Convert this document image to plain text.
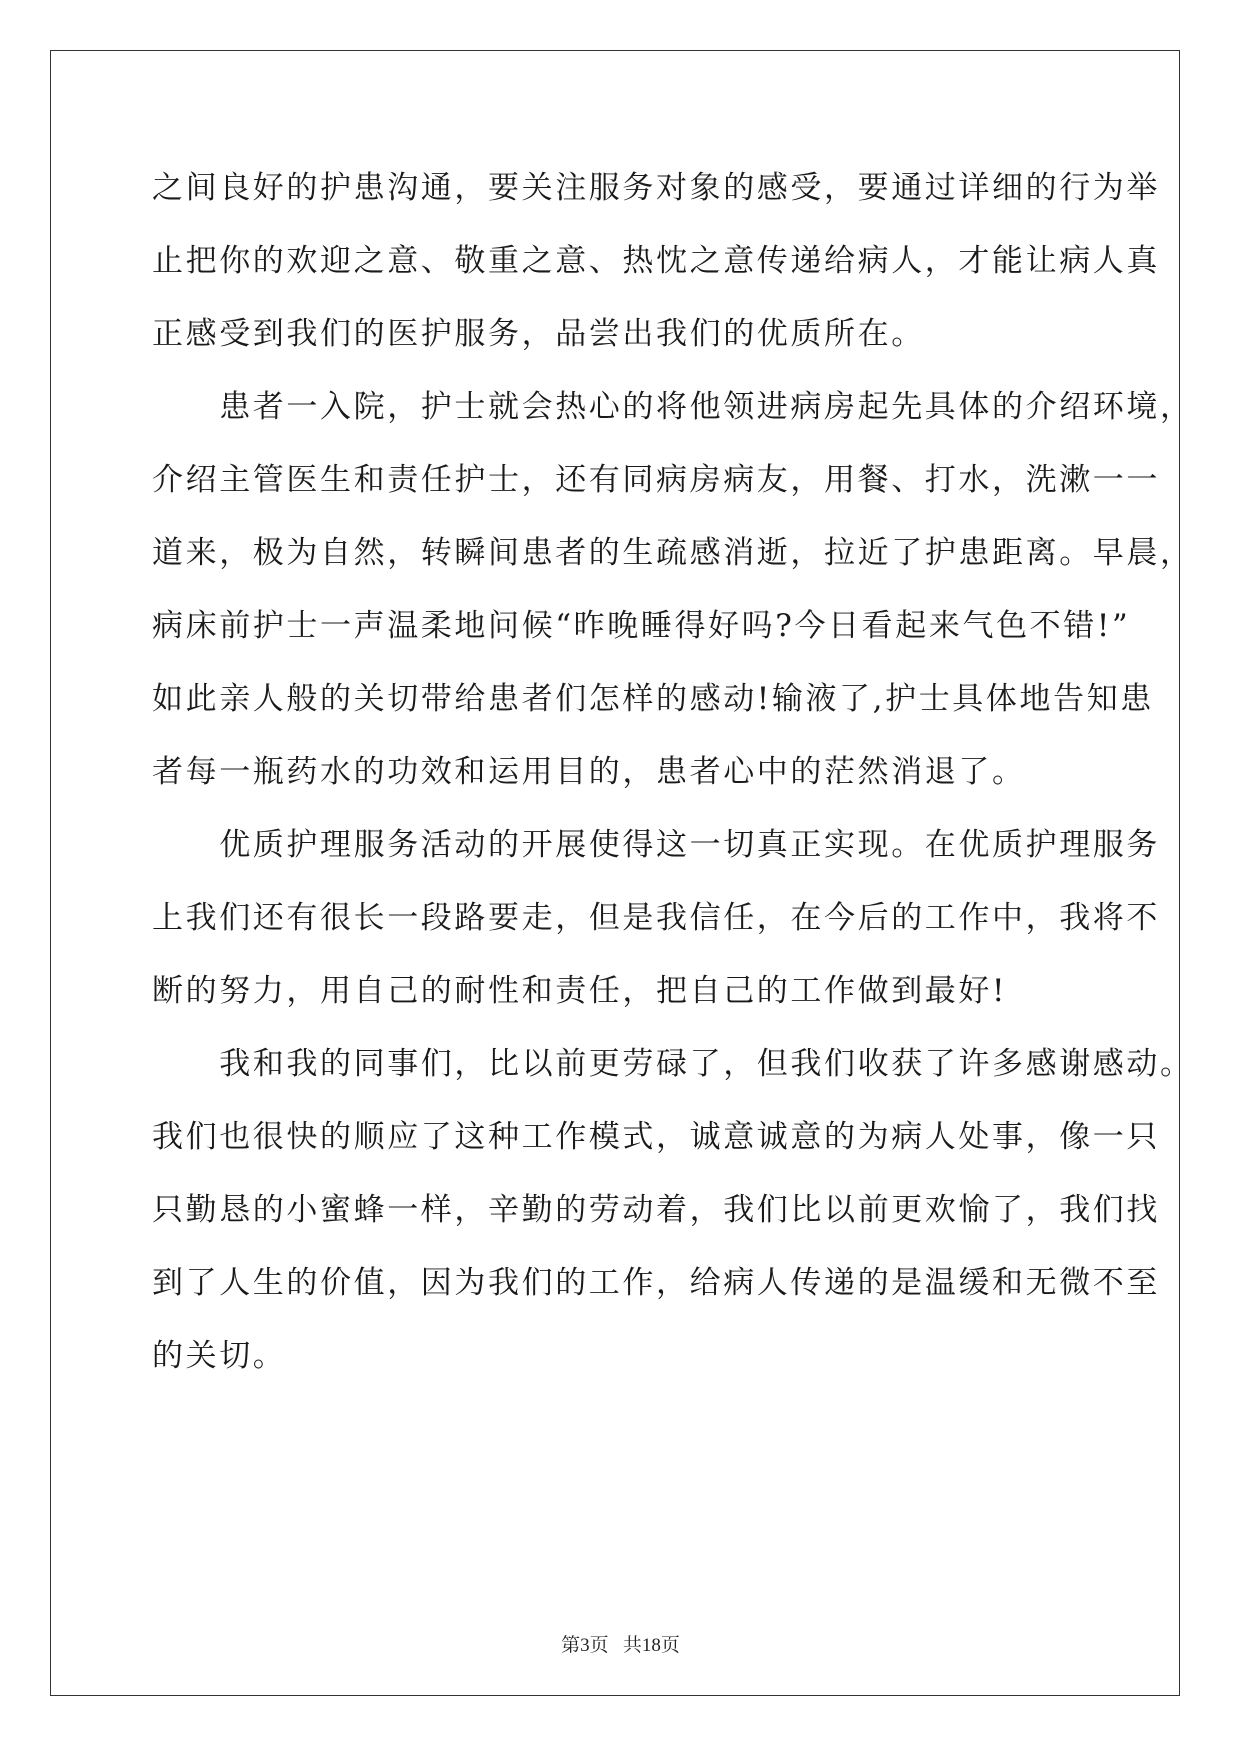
之间良好的护患沟通，要关注服务对象的感受，要通过详细的行为举
止把你的欢迎之意、敬重之意、热忱之意传递给病人，才能让病人真
正感受到我们的医护服务，品尝出我们的优质所在。
　　患者一入院，护士就会热心的将他领进病房起先具体的介绍环境，
介绍主管医生和责任护士，还有同病房病友，用餐、打水，洗漱一一
道来，极为自然，转瞬间患者的生疏感消逝，拉近了护患距离。早晨，
病床前护士一声温柔地问候“昨晚睡得好吗?今日看起来气色不错!”
如此亲人般的关切带给患者们怎样的感动!输液了,护士具体地告知患
者每一瓶药水的功效和运用目的，患者心中的茫然消退了。
　　优质护理服务活动的开展使得这一切真正实现。在优质护理服务
上我们还有很长一段路要走，但是我信任，在今后的工作中，我将不
断的努力，用自己的耐性和责任，把自己的工作做到最好!
　　我和我的同事们，比以前更劳碌了，但我们收获了许多感谢感动。
我们也很快的顺应了这种工作模式，诚意诚意的为病人处事，像一只
只勤恳的小蜜蜂一样，辛勤的劳动着，我们比以前更欢愉了，我们找
到了人生的价值，因为我们的工作，给病人传递的是温缓和无微不至
的关切。
第3页   共18页
